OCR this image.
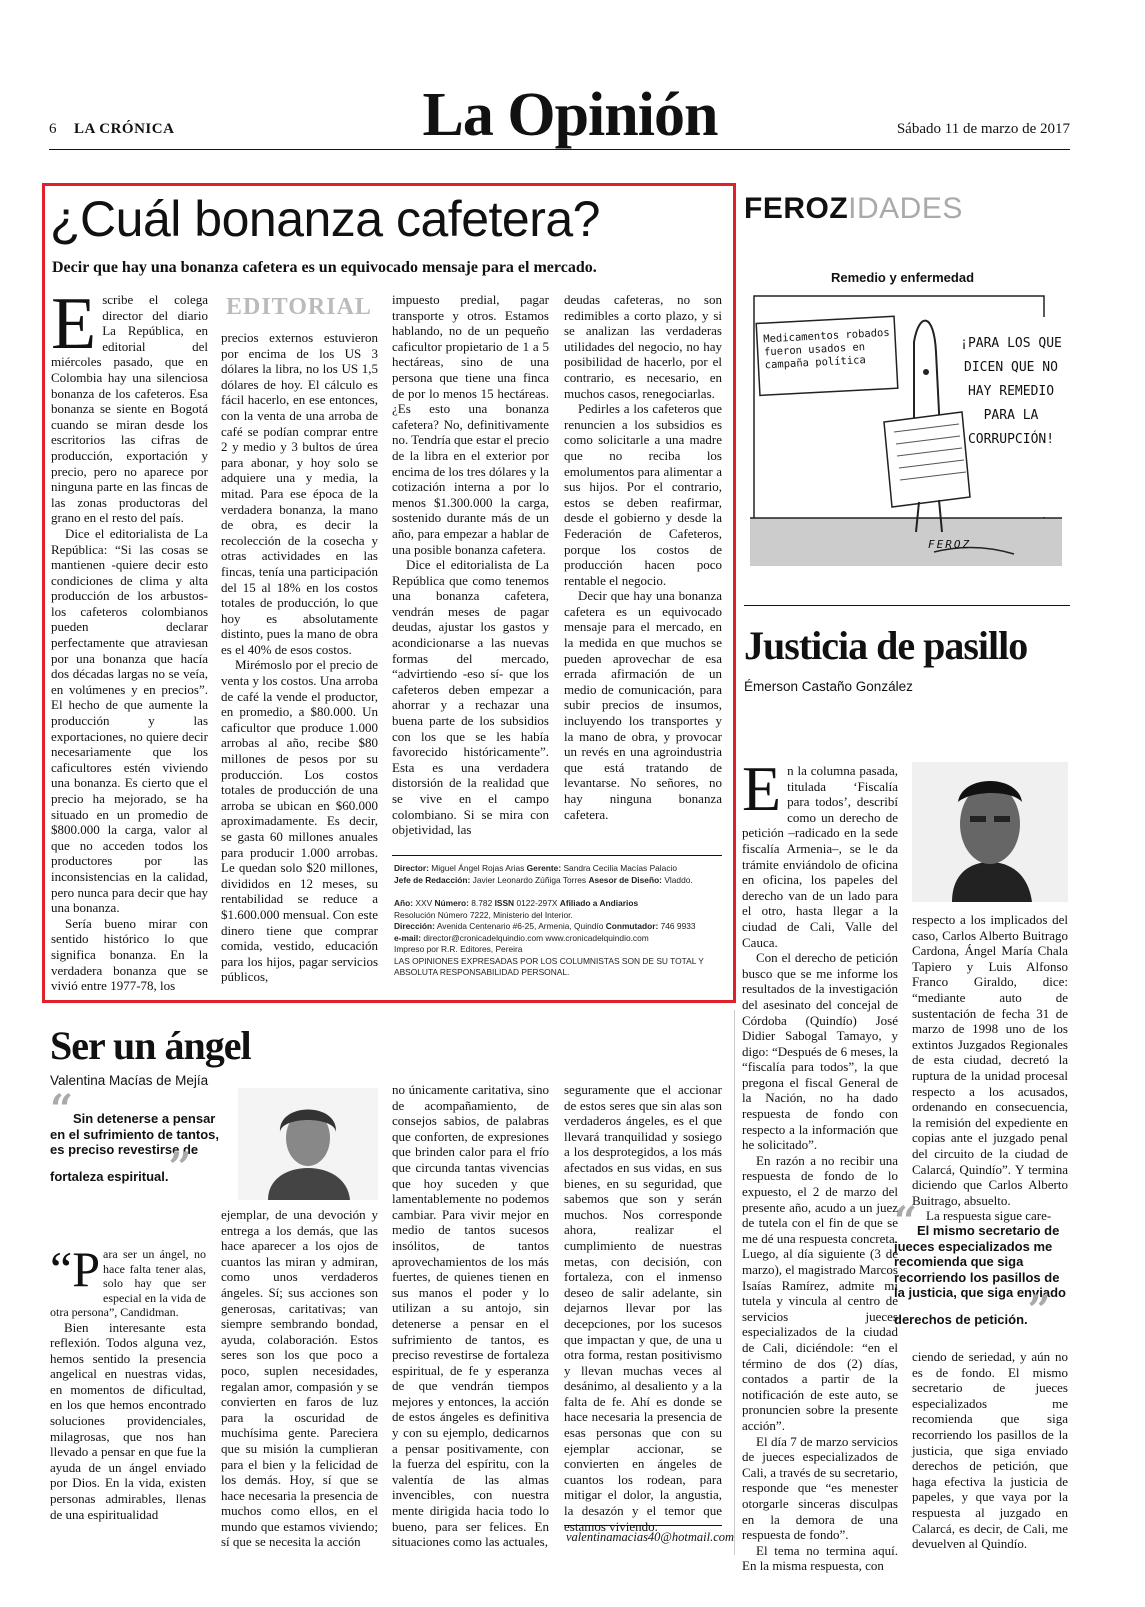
6 LA CRÓNICA	La Opinión	Sábado 11 de marzo de 2017
¿Cuál bonanza cafetera?
Decir que hay una bonanza cafetera es un equivocado mensaje para el mercado.
EDITORIAL
E scribe el colega director del diario La República, en editorial del miércoles pasado, que en Colombia hay una silenciosa bonanza de los cafeteros. Esa bonanza se siente en Bogotá cuando se miran desde los escritorios las cifras de producción, exportación y precio, pero no aparece por ninguna parte en las fincas de las zonas productoras del grano en el resto del país.

Dice el editorialista de La República: “Si las cosas se mantienen -quiere decir esto condiciones de clima y alta producción de los arbustos- los cafeteros colombianos pueden declarar perfectamente que atraviesan por una bonanza que hacía dos décadas largas no se veía, en volúmenes y en precios”. El hecho de que aumente la producción y las exportaciones, no quiere decir necesariamente que los caficultores estén viviendo una bonanza. Es cierto que el precio ha mejorado, se ha situado en un promedio de $800.000 la carga, valor al que no acceden todos los productores por las inconsistencias en la calidad, pero nunca para decir que hay una bonanza.

Sería bueno mirar con sentido histórico lo que significa bonanza. En la verdadera bonanza que se vivió entre 1977-78, los

precios externos estuvieron por encima de los US 3 dólares la libra, no los US 1,5 dólares de hoy. El cálculo es fácil hacerlo, en ese entonces, con la venta de una arroba de café se podían comprar entre 2 y medio y 3 bultos de úrea para abonar, y hoy solo se adquiere una y media, la mitad. Para ese época de la verdadera bonanza, la mano de obra, es decir la recolección de la cosecha y otras actividades en las fincas, tenía una participación del 15 al 18% en los costos totales de producción, lo que hoy es absolutamente distinto, pues la mano de obra es el 40% de esos costos.

Mirémoslo por el precio de venta y los costos. Una arroba de café la vende el productor, en promedio, a $80.000. Un caficultor que produce 1.000 arrobas al año, recibe $80 millones de pesos por su producción. Los costos totales de producción de una arroba se ubican en $60.000 aproximadamente. Es decir, se gasta 60 millones anuales para producir 1.000 arrobas. Le quedan solo $20 millones, divididos en 12 meses, su rentabilidad se reduce a $1.600.000 mensual. Con este dinero tiene que comprar comida, vestido, educación para los hijos, pagar servicios públicos,

impuesto predial, pagar transporte y otros. Estamos hablando, no de un pequeño caficultor propietario de 1 a 5 hectáreas, sino de una persona que tiene una finca de por lo menos 15 hectáreas. ¿Es esto una bonanza cafetera? No, definitivamente no. Tendría que estar el precio de la libra en el exterior por encima de los tres dólares y la cotización interna a por lo menos $1.300.000 la carga, sostenido durante más de un año, para empezar a hablar de una posible bonanza cafetera.

Dice el editorialista de La República que como tenemos una bonanza cafetera, vendrán meses de pagar deudas, ajustar los gastos y acondicionarse a las nuevas formas del mercado, “advirtiendo -eso sí- que los cafeteros deben empezar a ahorrar y a rechazar una buena parte de los subsidios con los que se les había favorecido históricamente”. Esta es una verdadera distorsión de la realidad que se vive en el campo colombiano. Si se mira con objetividad, las

deudas cafeteras, no son redimibles a corto plazo, y si se analizan las verdaderas utilidades del negocio, no hay posibilidad de hacerlo, por el contrario, es necesario, en muchos casos, renegociarlas.

Pedirles a los cafeteros que renuncien a los subsidios es como solicitarle a una madre que no reciba los emolumentos para alimentar a sus hijos. Por el contrario, estos se deben reafirmar, desde el gobierno y desde la Federación de Cafeteros, porque los costos de producción hacen poco rentable el negocio.

Decir que hay una bonanza cafetera es un equivocado mensaje para el mercado, en la medida en que muchos se pueden aprovechar de esa errada afirmación de un medio de comunicación, para subir precios de insumos, incluyendo los transportes y la mano de obra, y provocar un revés en una agroindustria que está tratando de levantarse. No señores, no hay ninguna bonanza cafetera.

Director: Miguel Ángel Rojas Arias Gerente: Sandra Cecilia Macías Palacio
Jefe de Redacción: Javier Leonardo Zúñiga Torres Asesor de Diseño: Vladdo.
Año: XXV Número: 8.782 ISSN 0122-297X Afiliado a Andiarios
Resolución Número 7222, Ministerio del Interior.
Dirección: Avenida Centenario #6-25, Armenia, Quindío Conmutador: 746 9933
e-mail: director@cronicadelquindio.com www.cronicadelquindio.com
Impreso por R.R. Editores, Pereira
LAS OPINIONES EXPRESADAS POR LOS COLUMNISTAS SON DE SU TOTAL Y ABSOLUTA RESPONSABILIDAD PERSONAL.
FEROZIDADES
Remedio y enfermedad
Medicamentos robados fueron usados en campaña política
¡PARA LOS QUE DICEN QUE NO HAY REMEDIO PARA LA CORRUPCIÓN!
FEROZ
Justicia de pasillo
Émerson Castaño González
E n la columna pasada, titulada ‘Fiscalía para todos’, describí como un derecho de petición –radicado en la sede fiscalía Armenia–, se le da trámite enviándolo de oficina en oficina, los papeles del derecho van de un lado para el otro, hasta llegar a la ciudad de Cali, Valle del Cauca.

Con el derecho de petición busco que se me informe los resultados de la investigación del asesinato del concejal de Córdoba (Quindío) José Didier Sabogal Tamayo, y digo: “Después de 6 meses, la “fiscalía para todos”, la que pregona el fiscal General de la Nación, no ha dado respuesta de fondo con respecto a la información que he solicitado”.

En razón a no recibir una respuesta de fondo de lo expuesto, el 2 de marzo del presente año, acudo a un juez de tutela con el fin de que se me dé una respuesta concreta. Luego, al día siguiente (3 de marzo), el magistrado Marcos Isaías Ramírez, admite mi tutela y vincula al centro de servicios jueces especializados de la ciudad de Cali, diciéndole: “en el término de dos (2) días, contados a partir de la notificación de este auto, se pronuncien sobre la presente acción”.

El día 7 de marzo servicios de jueces especializados de Cali, a través de su secretario, responde que “es menester otorgarle sinceras disculpas en la demora de una respuesta de fondo”.

El tema no termina aquí. En la misma respuesta, con

respecto a los implicados del caso, Carlos Alberto Buitrago Cardona, Ángel María Chala Tapiero y Luis Alfonso Franco Giraldo, dice: “mediante auto de sustentación de fecha 31 de marzo de 1998 uno de los extintos Juzgados Regionales de esta ciudad, decretó la ruptura de la unidad procesal respecto a los acusados, ordenando en consecuencia, la remisión del expediente en copias ante el juzgado penal del circuito de la ciudad de Calarcá, Quindío”. Y termina diciendo que Carlos Alberto Buitrago, absuelto.

La respuesta sigue care-

“El mismo secretario de jueces especializados me recomienda que siga recorriendo los pasillos de la justicia, que siga enviado derechos de petición.”

ciendo de seriedad, y aún no es de fondo. El mismo secretario de jueces especializados me recomienda que siga recorriendo los pasillos de la justicia, que siga enviado derechos de petición, que haga efectiva la justicia de papeles, y que vaya por la respuesta al juzgado en Calarcá, es decir, de Cali, me devuelven al Quindío.

Ser un ángel
Valentina Macías de Mejía
“Sin detenerse a pensar en el sufrimiento de tantos, es preciso revestirse de fortaleza espiritual.”
“P ara ser un ángel, no hace falta tener alas, solo hay que ser especial en la vida de otra persona”, Candidman.

Bien interesante esta reflexión. Todos alguna vez, hemos sentido la presencia angelical en nuestras vidas, en momentos de dificultad, en los que hemos encontrado soluciones providenciales, milagrosas, que nos han llevado a pensar en que fue la ayuda de un ángel enviado por Dios. En la vida, existen personas admirables, llenas de una espiritualidad

ejemplar, de una devoción y entrega a los demás, que las hace aparecer a los ojos de cuantos las miran y admiran, como unos verdaderos ángeles. Sí; sus acciones son generosas, caritativas; van siempre sembrando bondad, ayuda, colaboración. Estos seres son los que poco a poco, suplen necesidades, regalan amor, compasión y se convierten en faros de luz para la oscuridad de muchísima gente. Pareciera que su misión la cumplieran para el bien y la felicidad de los demás. Hoy, sí que se hace necesaria la presencia de muchos como ellos, en el mundo que estamos viviendo; sí que se necesita la acción

no únicamente caritativa, sino de acompañamiento, de consejos sabios, de palabras que conforten, de expresiones que brinden calor para el frío que circunda tantas vivencias que hoy suceden y que lamentablemente no podemos cambiar. Para vivir mejor en medio de tantos sucesos insólitos, de tantos aprovechamientos de los más fuertes, de quienes tienen en sus manos el poder y lo utilizan a su antojo, sin detenerse a pensar en el sufrimiento de tantos, es preciso revestirse de fortaleza espiritual, de fe y esperanza de que vendrán tiempos mejores y entonces, la acción de estos ángeles es definitiva y con su ejemplo, dedicarnos a pensar positivamente, con la fuerza del espíritu, con la valentía de las almas invencibles, con nuestra mente dirigida hacia todo lo bueno, para ser felices. En situaciones como las actuales,

seguramente que el accionar de estos seres que sin alas son verdaderos ángeles, es el que llevará tranquilidad y sosiego a los desprotegidos, a los más afectados en sus vidas, en sus bienes, en su seguridad, que sabemos que son y serán muchos. Nos corresponde ahora, realizar el cumplimiento de nuestras metas, con decisión, con fortaleza, con el inmenso deseo de salir adelante, sin dejarnos llevar por las decepciones, por los sucesos que impactan y que, de una u otra forma, restan positivismo y llevan muchas veces al desánimo, al desaliento y a la falta de fe. Ahí es donde se hace necesaria la presencia de esas personas que con su ejemplar accionar, se convierten en ángeles de cuantos los rodean, para mitigar el dolor, la angustia, la desazón y el temor que estamos viviendo.

valentinamacias40@hotmail.com
